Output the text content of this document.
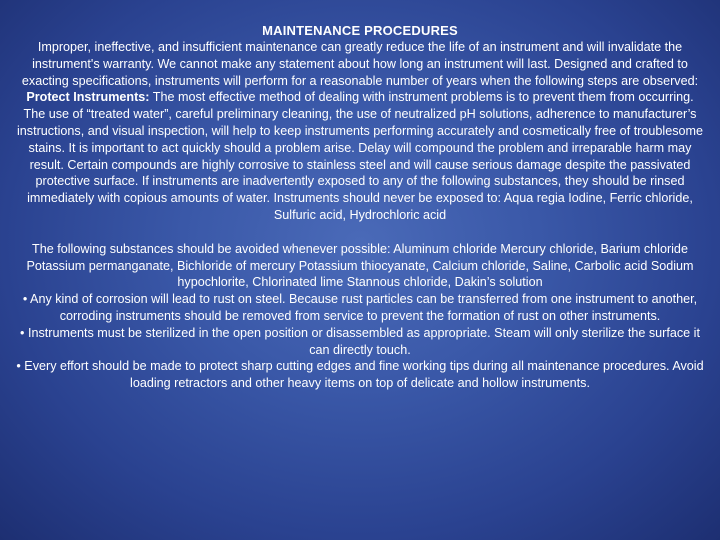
MAINTENANCE PROCEDURES

Improper, ineffective, and insufficient maintenance can greatly reduce the life of an instrument and will invalidate the instrument's warranty. We cannot make any statement about how long an instrument will last. Designed and crafted to exacting specifications, instruments will perform for a reasonable number of years when the following steps are observed:

Protect Instruments: The most effective method of dealing with instrument problems is to prevent them from occurring. The use of “treated water”, careful preliminary cleaning, the use of neutralized pH solutions, adherence to manufacturer’s instructions, and visual inspection, will help to keep instruments performing accurately and cosmetically free of troublesome stains. It is important to act quickly should a problem arise. Delay will compound the problem and irreparable harm may result. Certain compounds are highly corrosive to stainless steel and will cause serious damage despite the passivated protective surface. If instruments are inadvertently exposed to any of the following substances, they should be rinsed immediately with copious amounts of water. Instruments should never be exposed to: Aqua regia Iodine, Ferric chloride, Sulfuric acid, Hydrochloric acid

The following substances should be avoided whenever possible: Aluminum chloride Mercury chloride, Barium chloride Potassium permanganate, Bichloride of mercury Potassium thiocyanate, Calcium chloride, Saline, Carbolic acid Sodium hypochlorite, Chlorinated lime Stannous chloride, Dakin’s solution

• Any kind of corrosion will lead to rust on steel. Because rust particles can be transferred from one instrument to another, corroding instruments should be removed from service to prevent the formation of rust on other instruments.

• Instruments must be sterilized in the open position or disassembled as appropriate. Steam will only sterilize the surface it can directly touch.

• Every effort should be made to protect sharp cutting edges and fine working tips during all maintenance procedures. Avoid loading retractors and other heavy items on top of delicate and hollow instruments.
